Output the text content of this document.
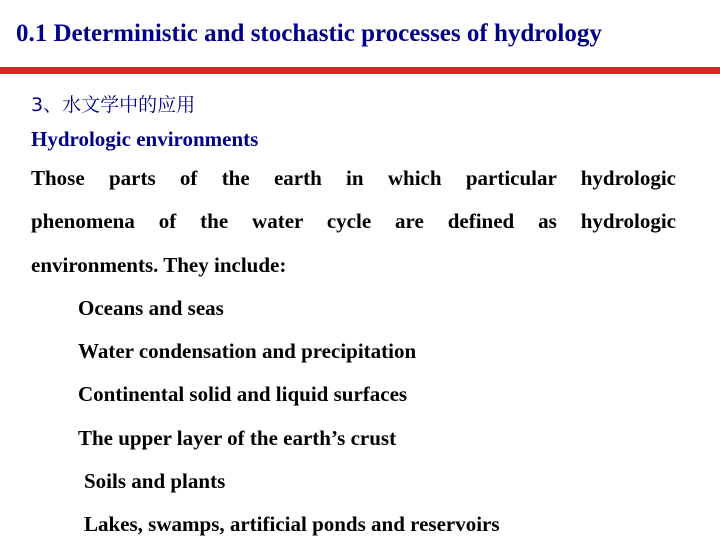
0.1 Deterministic and stochastic processes of hydrology
3、水文学中的应用
Hydrologic environments
Those parts of the earth in which particular hydrologic
phenomena of the water cycle are defined as hydrologic
environments. They include:
Oceans and seas
Water condensation and precipitation
Continental solid and liquid surfaces
The upper layer of the earth’s crust
Soils and plants
Lakes, swamps, artificial ponds and reservoirs
